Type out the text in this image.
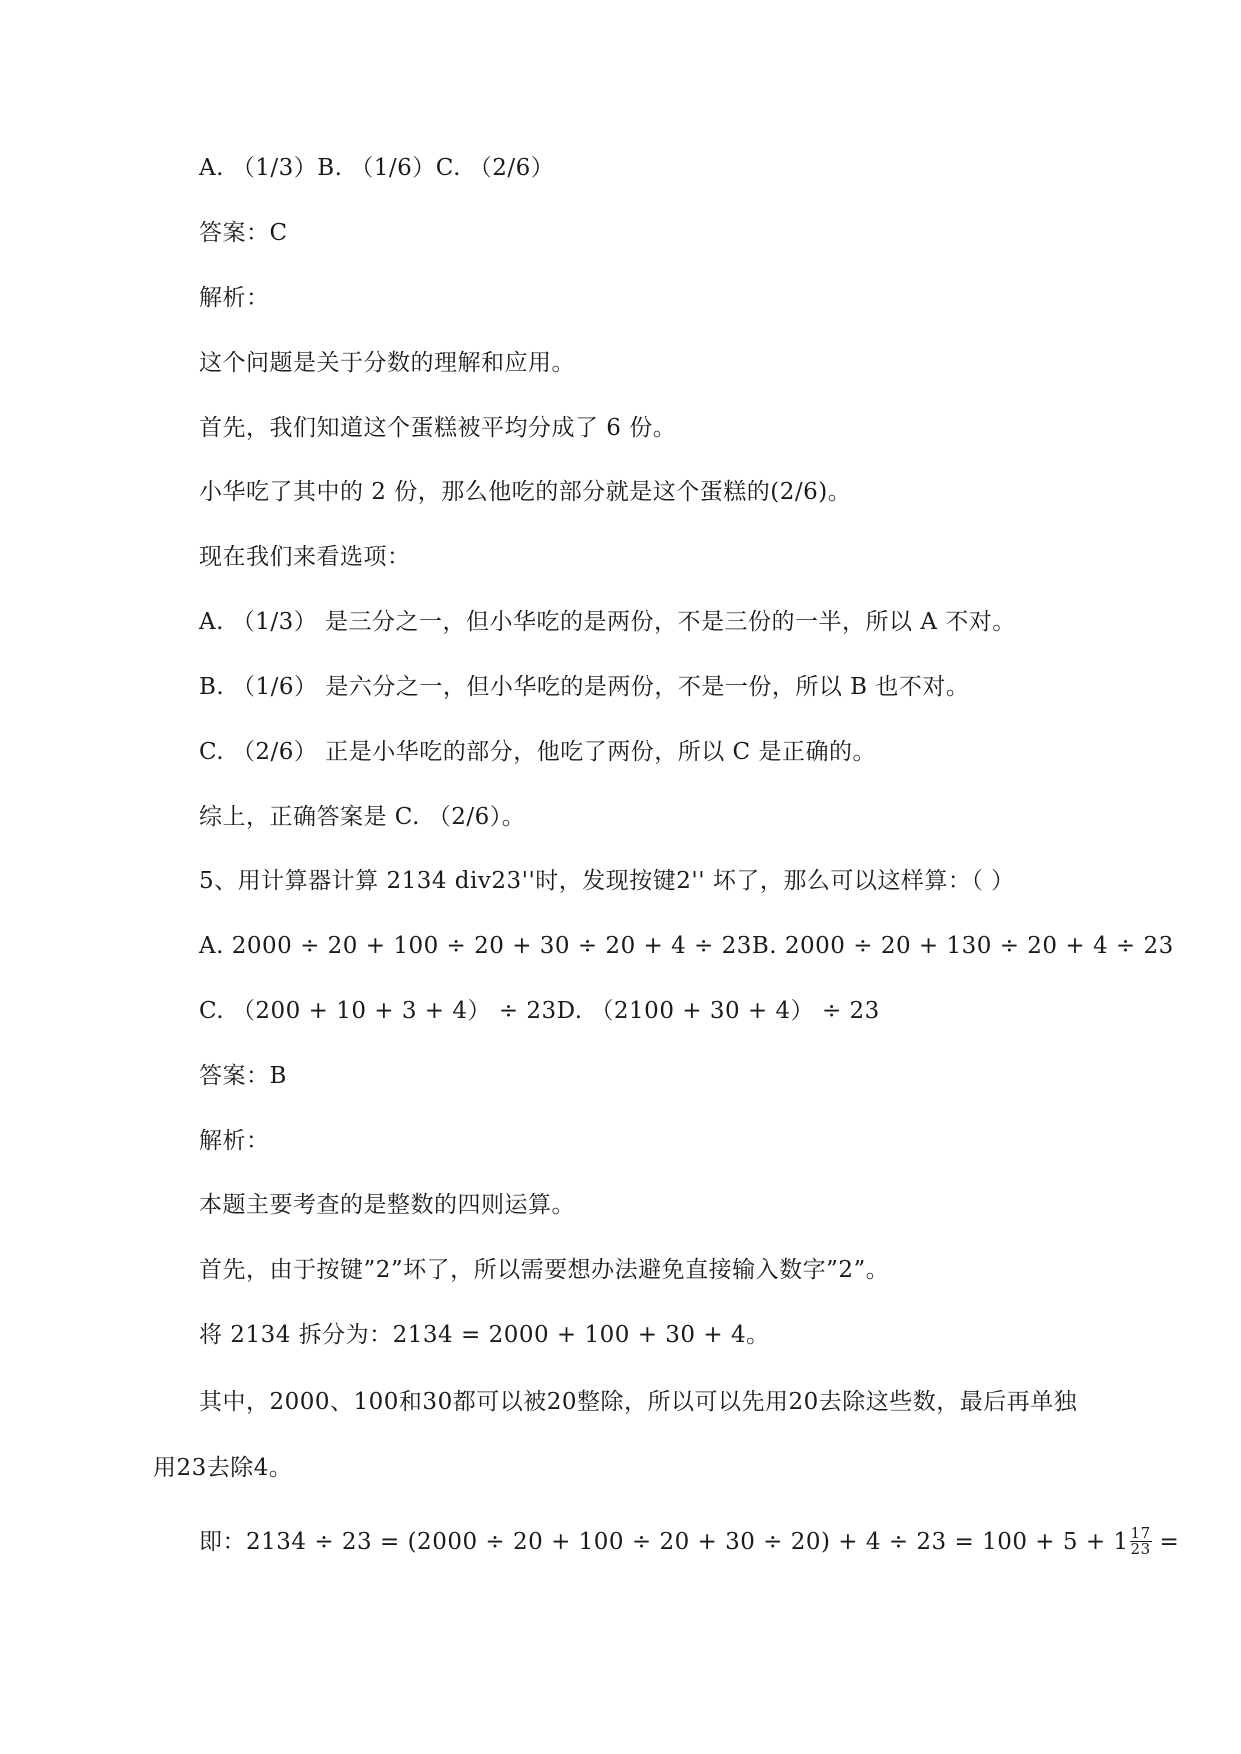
A. （1/3）B. （1/6）C. （2/6）
答案：C
解析：
这个问题是关于分数的理解和应用。
首先，我们知道这个蛋糕被平均分成了 6 份。
小华吃了其中的 2 份，那么他吃的部分就是这个蛋糕的(2/6)。
现在我们来看选项：
A. （1/3） 是三分之一，但小华吃的是两份，不是三份的一半，所以 A 不对。
B. （1/6） 是六分之一，但小华吃的是两份，不是一份，所以 B 也不对。
C. （2/6） 正是小华吃的部分，他吃了两份，所以 C 是正确的。
综上，正确答案是 C. （2/6）。
5、用计算器计算 2134 div23''时，发现按键2'' 坏了，那么可以这样算：（ ）
A. 2000 ÷ 20 + 100 ÷ 20 + 30 ÷ 20 + 4 ÷ 23B. 2000 ÷ 20 + 130 ÷ 20 + 4 ÷ 23
C. （200 + 10 + 3 + 4） ÷ 23D. （2100 + 30 + 4） ÷ 23
答案：B
解析：
本题主要考查的是整数的四则运算。
首先，由于按键”2”坏了，所以需要想办法避免直接输入数字”2”。
将 2134 拆分为：2134 = 2000 + 100 + 30 + 4。
其中，2000、100和30都可以被20整除，所以可以先用20去除这些数，最后再单独
用23去除4。
即：$2134 \div 23 = (2000 \div 20 + 100 \div 20 + 30 \div 20) + 4 \div 23 = 100 + 5 + 1 \frac{17}{23}$ =
